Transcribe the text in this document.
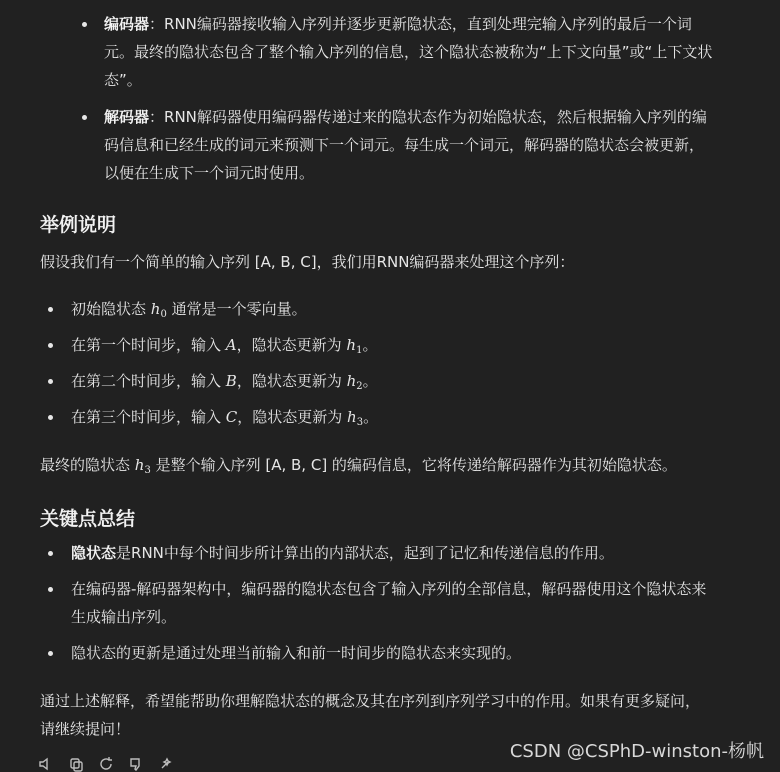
编码器：RNN编码器接收输入序列并逐步更新隐状态，直到处理完输入序列的最后一个词
元。最终的隐状态包含了整个输入序列的信息，这个隐状态被称为“上下文向量”或“上下文状
态”。
解码器：RNN解码器使用编码器传递过来的隐状态作为初始隐状态，然后根据输入序列的编
码信息和已经生成的词元来预测下一个词元。每生成一个词元，解码器的隐状态会被更新，
以便在生成下一个词元时使用。
举例说明
假设我们有一个简单的输入序列 [A, B, C]，我们用RNN编码器来处理这个序列：
初始隐状态 $h_0$ 通常是一个零向量。
在第一个时间步，输入 A，隐状态更新为 $h_1$。
在第二个时间步，输入 B，隐状态更新为 $h_2$。
在第三个时间步，输入 C，隐状态更新为 $h_3$。
最终的隐状态 $h_3$ 是整个输入序列 [A, B, C] 的编码信息，它将传递给解码器作为其初始隐状态。
关键点总结
隐状态是RNN中每个时间步所计算出的内部状态，起到了记忆和传递信息的作用。
在编码器-解码器架构中，编码器的隐状态包含了输入序列的全部信息，解码器使用这个隐状态来
生成输出序列。
隐状态的更新是通过处理当前输入和前一时间步的隐状态来实现的。
通过上述解释，希望能帮助你理解隐状态的概念及其在序列到序列学习中的作用。如果有更多疑问，
请继续提问！
CSDN @CSPhD-winston-杨帆
